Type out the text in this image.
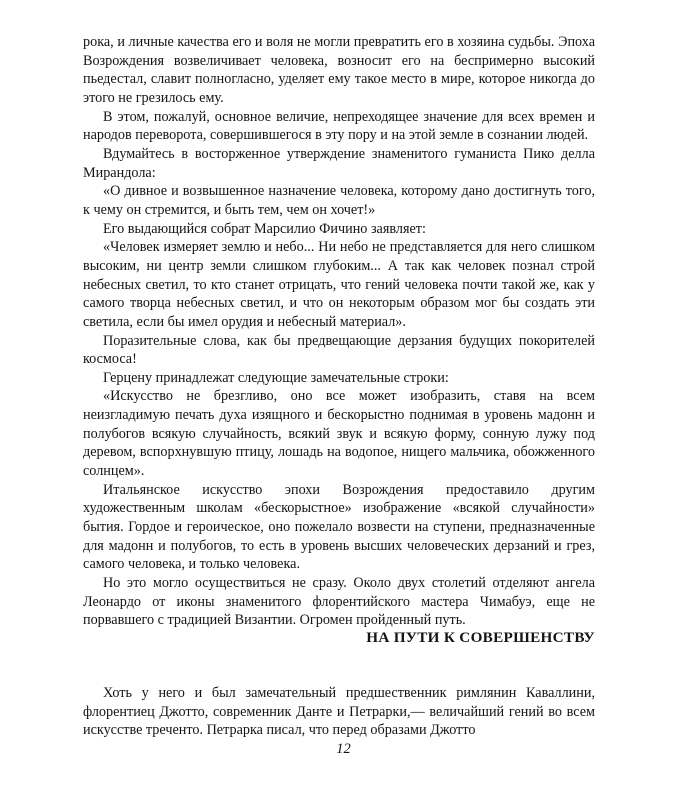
рока, и личные качества его и воля не могли превратить его в хозяина судьбы. Эпоха Возрождения возвеличивает человека, возносит его на беспримерно высокий пьедестал, славит полногласно, уделяет ему такое место в мире, которое никогда до этого не грезилось ему.

В этом, пожалуй, основное величие, непреходящее значение для всех времен и народов переворота, совершившегося в эту пору и на этой земле в сознании людей.

Вдумайтесь в восторженное утверждение знаменитого гуманиста Пико делла Мирандола:

«О дивное и возвышенное назначение человека, которому дано достигнуть того, к чему он стремится, и быть тем, чем он хочет!»

Его выдающийся собрат Марсилио Фичино заявляет:

«Человек измеряет землю и небо... Ни небо не представляется для него слишком высоким, ни центр земли слишком глубоким... А так как человек познал строй небесных светил, то кто станет отрицать, что гений человека почти такой же, как у самого творца небесных светил, и что он некоторым образом мог бы создать эти светила, если бы имел орудия и небесный материал».

Поразительные слова, как бы предвещающие дерзания будущих покорителей космоса!

Герцену принадлежат следующие замечательные строки:

«Искусство не брезгливо, оно все может изобразить, ставя на всем неизгладимую печать духа изящного и бескорыстно поднимая в уровень мадонн и полубогов всякую случайность, всякий звук и всякую форму, сонную лужу под деревом, вспорхнувшую птицу, лошадь на водопое, нищего мальчика, обожженного солнцем».

Итальянское искусство эпохи Возрождения предоставило другим художественным школам «бескорыстное» изображение «всякой случайности» бытия. Гордое и героическое, оно пожелало возвести на ступени, предназначенные для мадонн и полубогов, то есть в уровень высших человеческих дерзаний и грез, самого человека, и только человека.

Но это могло осуществиться не сразу. Около двух столетий отделяют ангела Леонардо от иконы знаменитого флорентийского мастера Чимабуэ, еще не порвавшего с традицией Византии. Огромен пройденный путь.

НА ПУТИ К СОВЕРШЕНСТВУ

Хоть у него и был замечательный предшественник римлянин Каваллини, флорентиец Джотто, современник Данте и Петрарки,— величайший гений во всем искусстве треченто. Петрарка писал, что перед образами Джотто

12
